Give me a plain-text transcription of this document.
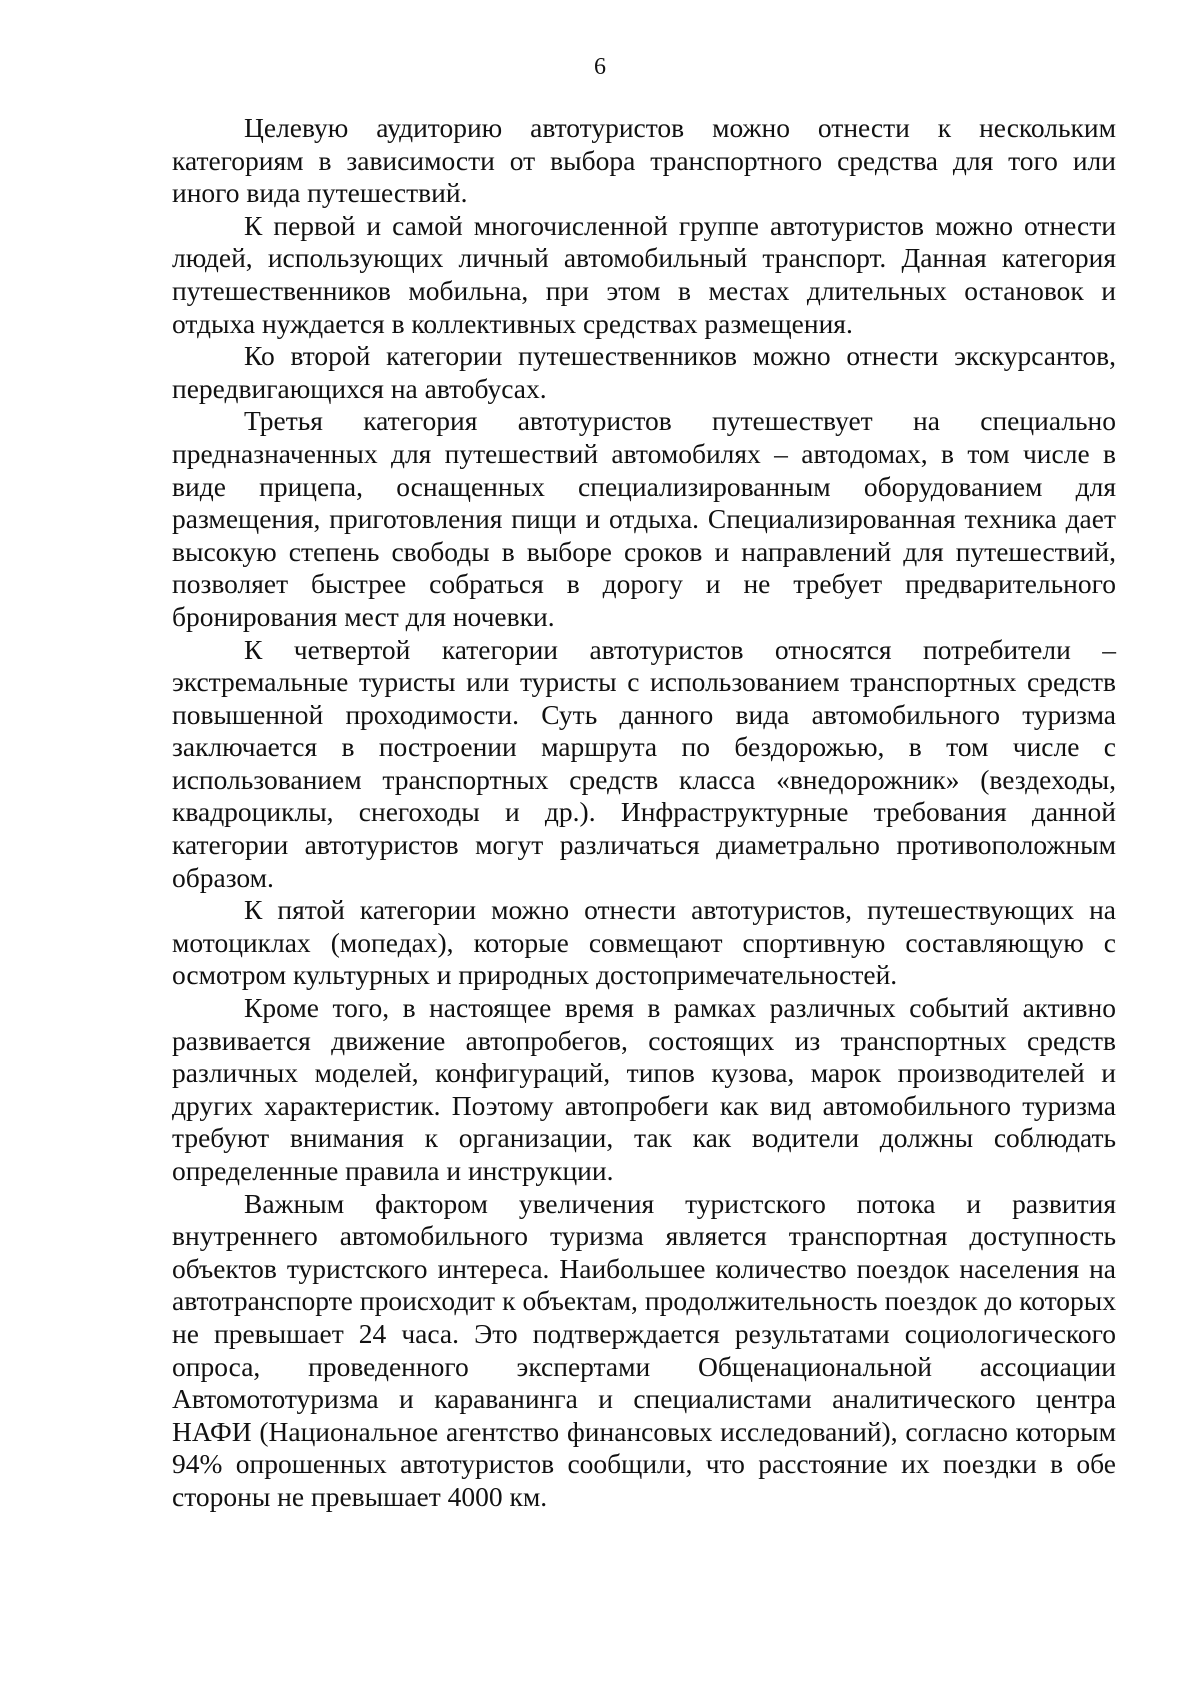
6

Целевую аудиторию автотуристов можно отнести к нескольким категориям в зависимости от выбора транспортного средства для того или иного вида путешествий.

К первой и самой многочисленной группе автотуристов можно отнести людей, использующих личный автомобильный транспорт. Данная категория путешественников мобильна, при этом в местах длительных остановок и отдыха нуждается в коллективных средствах размещения.

Ко второй категории путешественников можно отнести экскурсантов, передвигающихся на автобусах.

Третья категория автотуристов путешествует на специально предназначенных для путешествий автомобилях – автодомах, в том числе в виде прицепа, оснащенных специализированным оборудованием для размещения, приготовления пищи и отдыха. Специализированная техника дает высокую степень свободы в выборе сроков и направлений для путешествий, позволяет быстрее собраться в дорогу и не требует предварительного бронирования мест для ночевки.

К четвертой категории автотуристов относятся потребители – экстремальные туристы или туристы с использованием транспортных средств повышенной проходимости. Суть данного вида автомобильного туризма заключается в построении маршрута по бездорожью, в том числе с использованием транспортных средств класса «внедорожник» (вездеходы, квадроциклы, снегоходы и др.). Инфраструктурные требования данной категории автотуристов могут различаться диаметрально противоположным образом.

К пятой категории можно отнести автотуристов, путешествующих на мотоциклах (мопедах), которые совмещают спортивную составляющую с осмотром культурных и природных достопримечательностей.

Кроме того, в настоящее время в рамках различных событий активно развивается движение автопробегов, состоящих из транспортных средств различных моделей, конфигураций, типов кузова, марок производителей и других характеристик. Поэтому автопробеги как вид автомобильного туризма требуют внимания к организации, так как водители должны соблюдать определенные правила и инструкции.

Важным фактором увеличения туристского потока и развития внутреннего автомобильного туризма является транспортная доступность объектов туристского интереса. Наибольшее количество поездок населения на автотранспорте происходит к объектам, продолжительность поездок до которых не превышает 24 часа. Это подтверждается результатами социологического опроса, проведенного экспертами Общенациональной ассоциации Автомототуризма и караванинга и специалистами аналитического центра НАФИ (Национальное агентство финансовых исследований), согласно которым 94% опрошенных автотуристов сообщили, что расстояние их поездки в обе стороны не превышает 4000 км.
